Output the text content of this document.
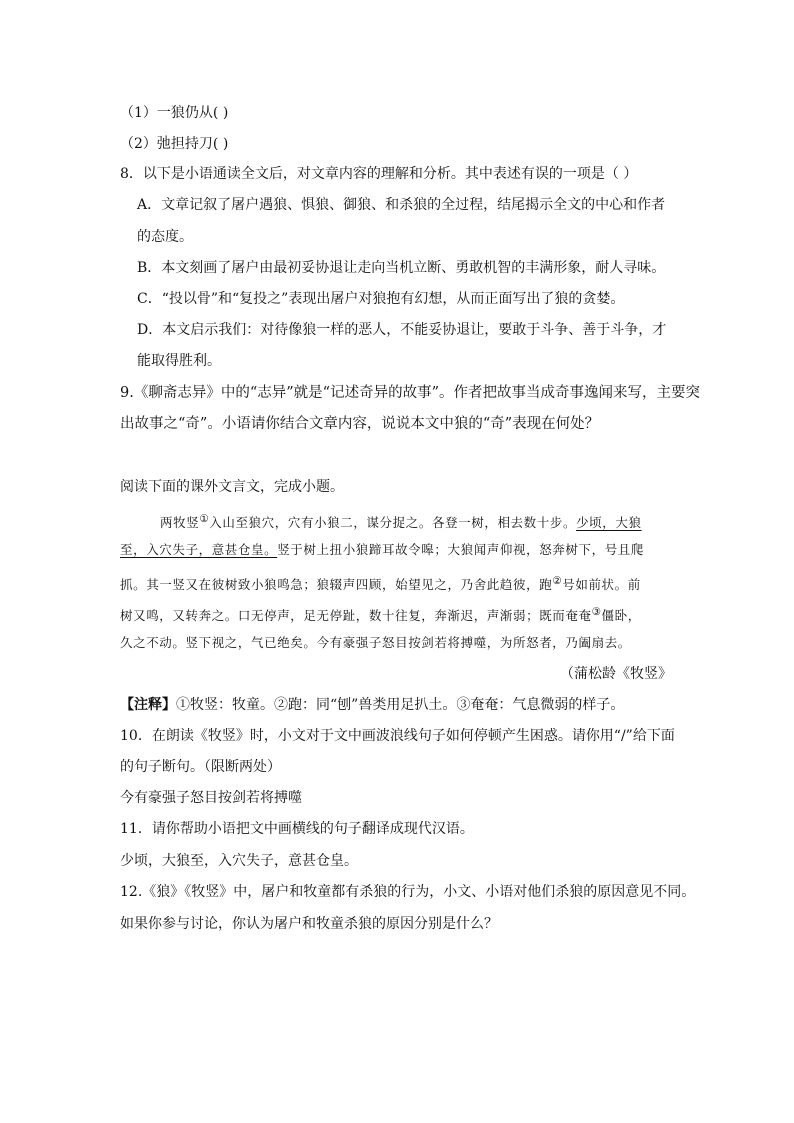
（1）一狼仍从( )
（2）弛担持刀( )
8．以下是小语通读全文后，对文章内容的理解和分析。其中表述有误的一项是（ ）
A．文章记叙了屠户遇狼、惧狼、御狼、和杀狼的全过程，结尾揭示全文的中心和作者
的态度。
B．本文刻画了屠户由最初妥协退让走向当机立断、勇敢机智的丰满形象，耐人寻味。
C．“投以骨”和“复投之”表现出屠户对狼抱有幻想，从而正面写出了狼的贪婪。
D．本文启示我们：对待像狼一样的恶人，不能妥协退让，要敢于斗争、善于斗争，才
能取得胜利。
9.《聊斋志异》中的“志异”就是“记述奇异的故事”。作者把故事当成奇事逸闻来写，主要突
出故事之“奇”。小语请你结合文章内容，说说本文中狼的“奇”表现在何处？
阅读下面的课外文言文，完成小题。
两牧竖①入山至狼穴，穴有小狼二，谋分捉之。各登一树，相去数十步。少顷，大狼
至，入穴失子，意甚仓皇。竖于树上扭小狼蹄耳故令嗥；大狼闻声仰视，怒奔树下，号且爬
抓。其一竖又在彼树致小狼鸣急；狼辍声四顾，始望见之，乃舍此趋彼，跑②号如前状。前
树又鸣，又转奔之。口无停声，足无停趾，数十往复，奔渐迟，声渐弱；既而奄奄③僵卧，
久之不动。竖下视之，气已绝矣。今有豪强子怒目按剑若将搏噬，为所怒者，乃阖扇去。
（蒲松龄《牧竖》
【注释】①牧竖：牧童。②跑：同“刨”兽类用足扒土。③奄奄：气息微弱的样子。
10．在朗读《牧竖》时，小文对于文中画波浪线句子如何停顿产生困惑。请你用“/”给下面
的句子断句。（限断两处）
今有豪强子怒目按剑若将搏噬
11．请你帮助小语把文中画横线的句子翻译成现代汉语。
少顷，大狼至，入穴失子，意甚仓皇。
12.《狼》《牧竖》中，屠户和牧童都有杀狼的行为，小文、小语对他们杀狼的原因意见不同。
如果你参与讨论，你认为屠户和牧童杀狼的原因分别是什么？
